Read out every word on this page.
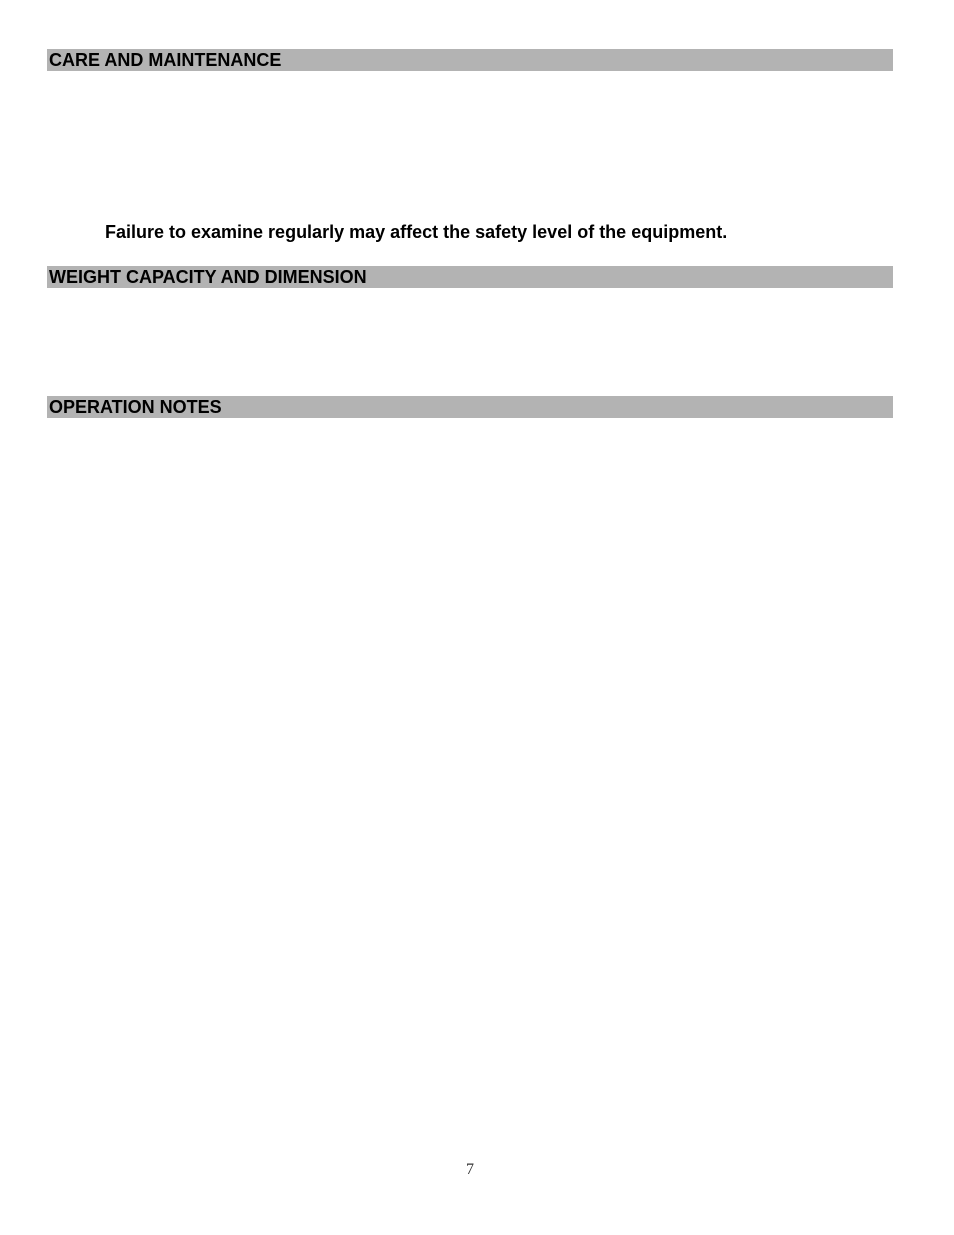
CARE AND MAINTENANCE
Failure to examine regularly may affect the safety level of the equipment.
WEIGHT CAPACITY AND DIMENSION
OPERATION NOTES
7
